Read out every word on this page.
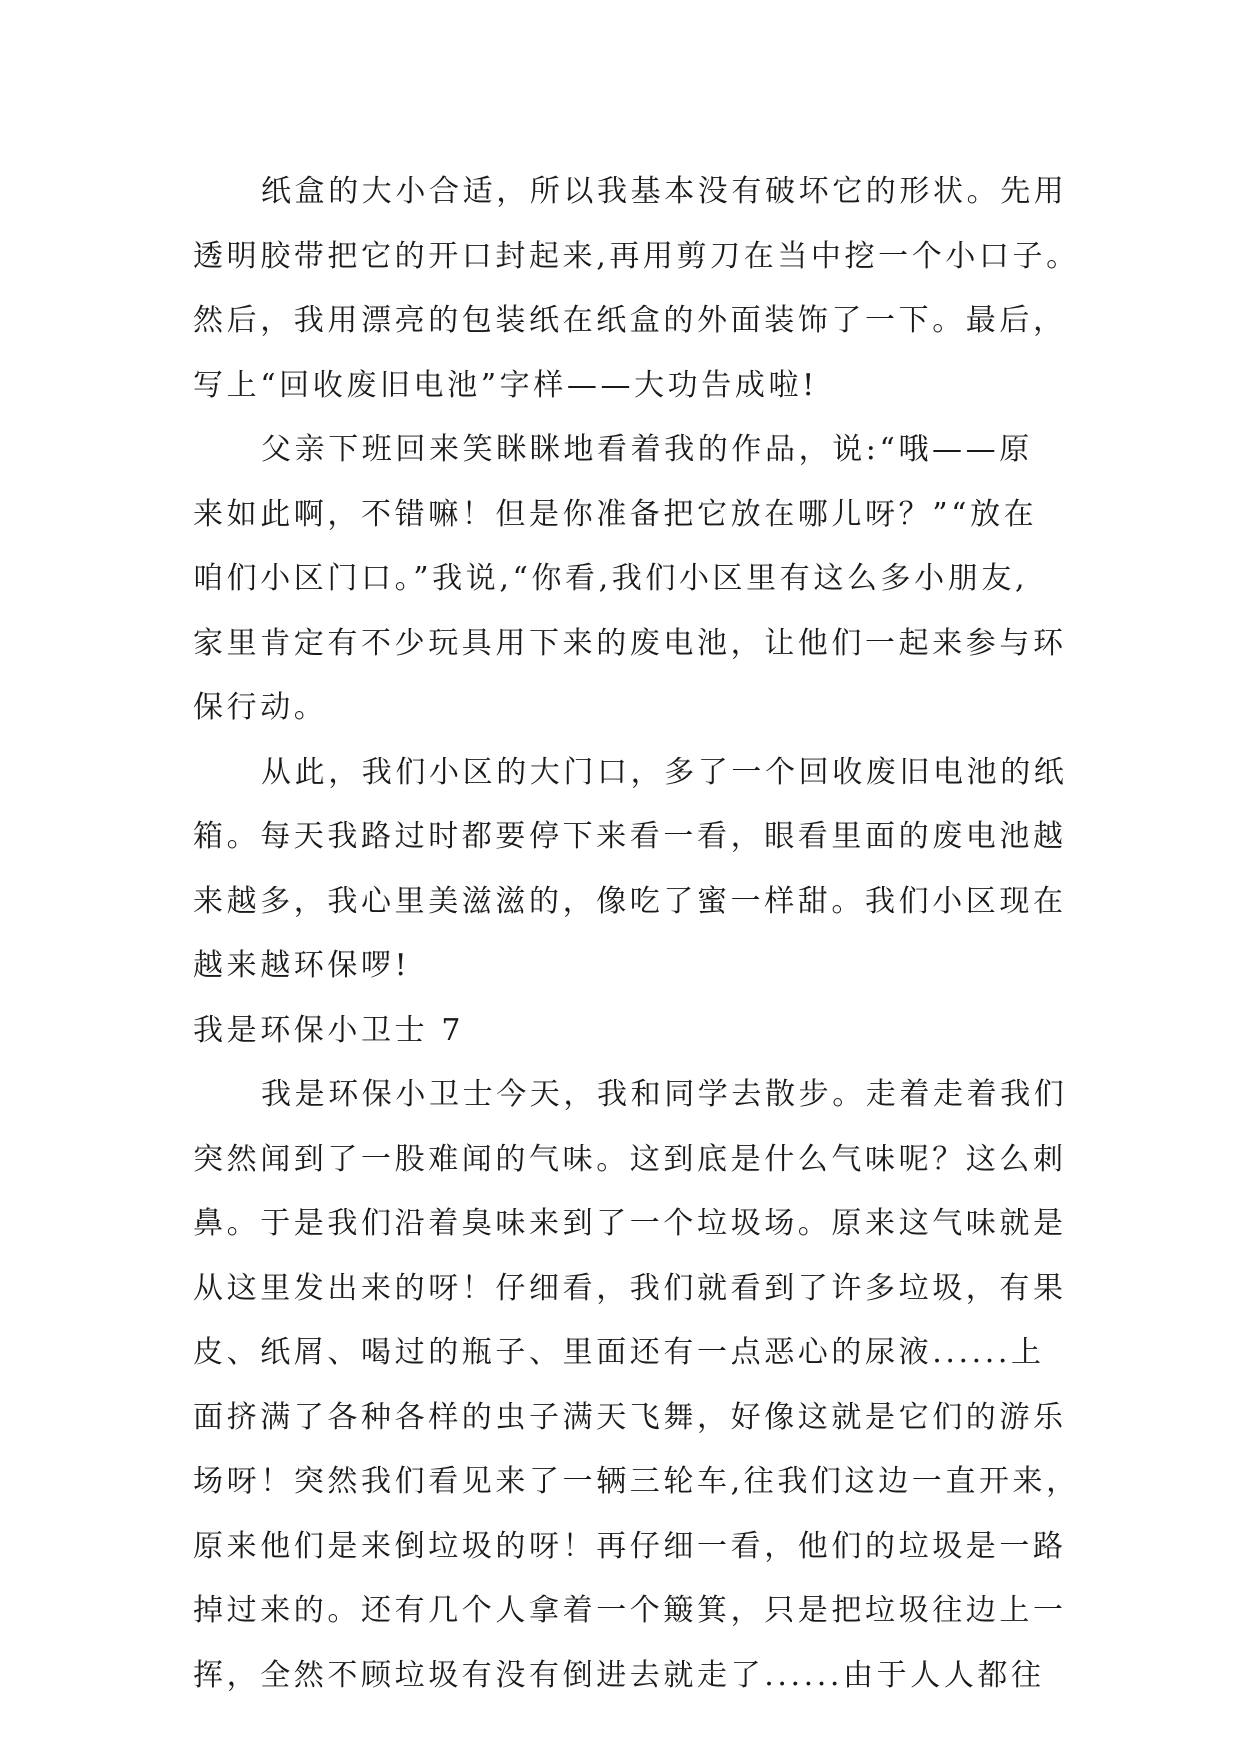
纸盒的大小合适，所以我基本没有破坏它的形状。先用
透明胶带把它的开口封起来,再用剪刀在当中挖一个小口子。
然后，我用漂亮的包装纸在纸盒的外面装饰了一下。最后，
写上“回收废旧电池”字样——大功告成啦!
父亲下班回来笑眯眯地看着我的作品，说:“哦——原
来如此啊，不错嘛！但是你准备把它放在哪儿呀？”“放在
咱们小区门口。”我说,“你看,我们小区里有这么多小朋友,
家里肯定有不少玩具用下来的废电池，让他们一起来参与环
保行动。
从此，我们小区的大门口，多了一个回收废旧电池的纸
箱。每天我路过时都要停下来看一看，眼看里面的废电池越
来越多，我心里美滋滋的，像吃了蜜一样甜。我们小区现在
越来越环保啰!
我是环保小卫士 7
我是环保小卫士今天，我和同学去散步。走着走着我们
突然闻到了一股难闻的气味。这到底是什么气味呢？这么刺
鼻。于是我们沿着臭味来到了一个垃圾场。原来这气味就是
从这里发出来的呀！仔细看，我们就看到了许多垃圾，有果
皮、纸屑、喝过的瓶子、里面还有一点恶心的尿液......上
面挤满了各种各样的虫子满天飞舞，好像这就是它们的游乐
场呀！突然我们看见来了一辆三轮车,往我们这边一直开来，
原来他们是来倒垃圾的呀！再仔细一看，他们的垃圾是一路
掉过来的。还有几个人拿着一个簸箕，只是把垃圾往边上一
挥，全然不顾垃圾有没有倒进去就走了......由于人人都往
